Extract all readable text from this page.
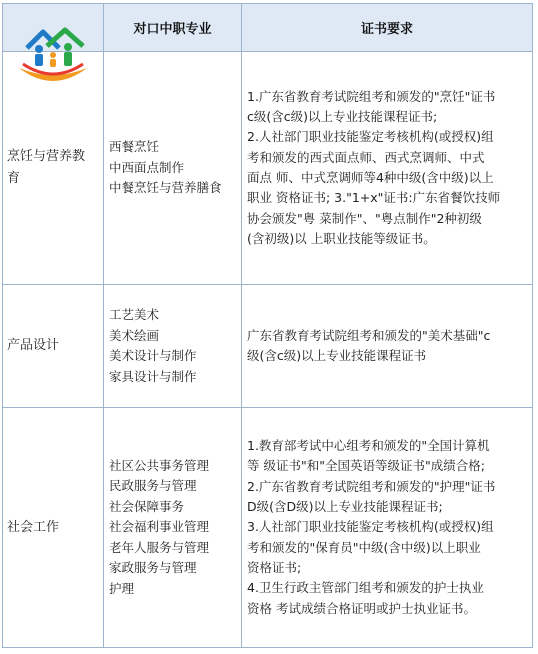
对口中职专业	证书要求
烹饪与营养教
育
西餐烹饪
中西面点制作
中餐烹饪与营养膳食
1.广东省教育考试院组考和颁发的"烹饪"证书
c级(含c级)以上专业技能课程证书;
2.人社部门职业技能鉴定考核机构(或授权)组
考和颁发的西式面点师、西式烹调师、中式
面点 师、中式烹调师等4种中级(含中级)以上
职业 资格证书; 3."1+x"证书:广东省餐饮技师
协会颁发"粤 菜制作"、"粤点制作"2种初级
(含初级)以 上职业技能等级证书。
产品设计
工艺美术
美术绘画
美术设计与制作
家具设计与制作
广东省教育考试院组考和颁发的"美术基础"c
级(含c级)以上专业技能课程证书
社会工作
社区公共事务管理
民政服务与管理
社会保障事务
社会福利事业管理
老年人服务与管理
家政服务与管理
护理
1.教育部考试中心组考和颁发的"全国计算机
等 级证书"和"全国英语等级证书"成绩合格;
2.广东省教育考试院组考和颁发的"护理"证书
D级(含D级)以上专业技能课程证书;
3.人社部门职业技能鉴定考核机构(或授权)组
考和颁发的"保育员"中级(含中级)以上职业
资格证书;
4.卫生行政主管部门组考和颁发的护士执业
资格 考试成绩合格证明或护士执业证书。
